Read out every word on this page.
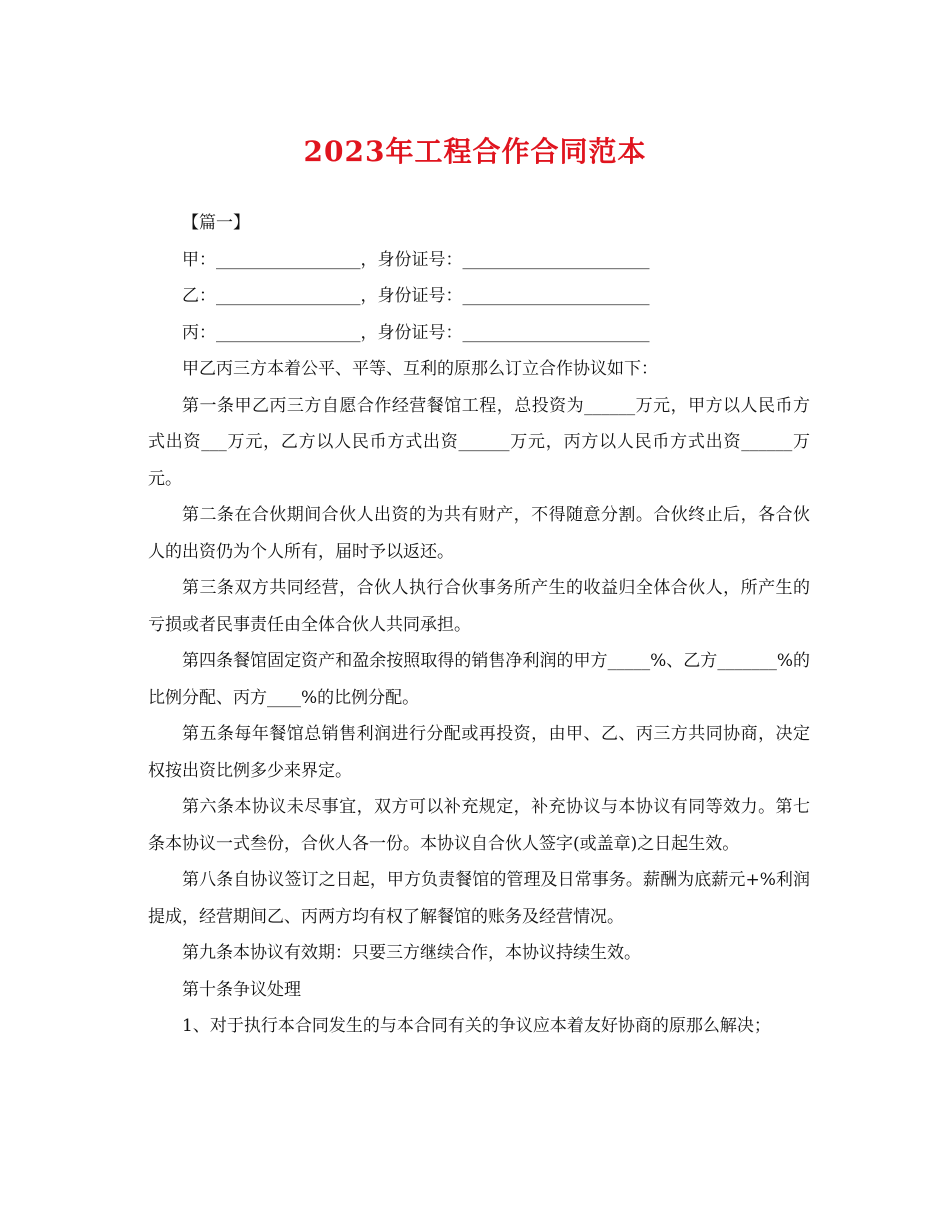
2023年工程合作合同范本

【篇一】

甲：_________________，身份证号：______________________

乙：_________________，身份证号：______________________

丙：_________________，身份证号：______________________

甲乙丙三方本着公平、平等、互利的原那么订立合作协议如下：

第一条甲乙丙三方自愿合作经营餐馆工程，总投资为______万元，甲方以人民币方式出资___万元，乙方以人民币方式出资______万元，丙方以人民币方式出资______万元。

第二条在合伙期间合伙人出资的为共有财产，不得随意分割。合伙终止后，各合伙人的出资仍为个人所有，届时予以返还。

第三条双方共同经营，合伙人执行合伙事务所产生的收益归全体合伙人，所产生的亏损或者民事责任由全体合伙人共同承担。

第四条餐馆固定资产和盈余按照取得的销售净利润的甲方_____%、乙方_______%的比例分配、丙方____%的比例分配。

第五条每年餐馆总销售利润进行分配或再投资，由甲、乙、丙三方共同协商，决定权按出资比例多少来界定。

第六条本协议未尽事宜，双方可以补充规定，补充协议与本协议有同等效力。第七条本协议一式叁份，合伙人各一份。本协议自合伙人签字(或盖章)之日起生效。

第八条自协议签订之日起，甲方负责餐馆的管理及日常事务。薪酬为底薪元+%利润提成，经营期间乙、丙两方均有权了解餐馆的账务及经营情况。

第九条本协议有效期：只要三方继续合作，本协议持续生效。

第十条争议处理

1、对于执行本合同发生的与本合同有关的争议应本着友好协商的原那么解决；
